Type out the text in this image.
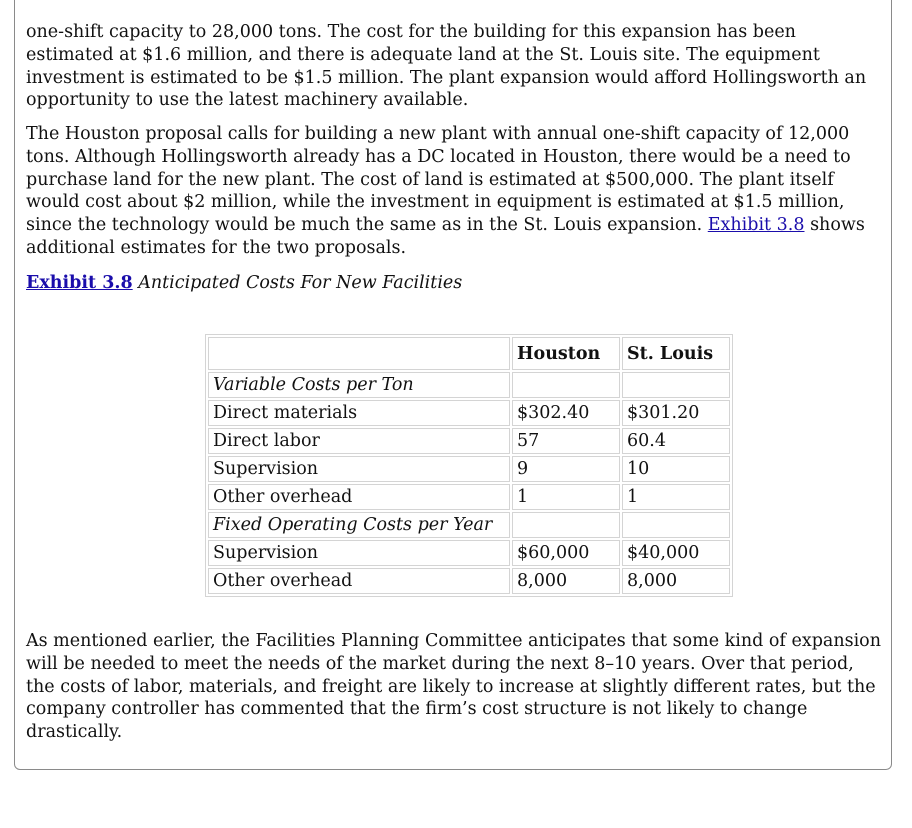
one-shift capacity to 28,000 tons. The cost for the building for this expansion has been estimated at $1.6 million, and there is adequate land at the St. Louis site. The equipment investment is estimated to be $1.5 million. The plant expansion would afford Hollingsworth an opportunity to use the latest machinery available.

The Houston proposal calls for building a new plant with annual one-shift capacity of 12,000 tons. Although Hollingsworth already has a DC located in Houston, there would be a need to purchase land for the new plant. The cost of land is estimated at $500,000. The plant itself would cost about $2 million, while the investment in equipment is estimated at $1.5 million, since the technology would be much the same as in the St. Louis expansion. Exhibit 3.8 shows additional estimates for the two proposals.

Exhibit 3.8 Anticipated Costs For New Facilities
	Houston	St. Louis
Variable Costs per Ton		
Direct materials	$302.40	$301.20
Direct labor	57	60.4
Supervision	9	10
Other overhead	1	1
Fixed Operating Costs per Year		
Supervision	$60,000	$40,000
Other overhead	8,000	8,000

As mentioned earlier, the Facilities Planning Committee anticipates that some kind of expansion will be needed to meet the needs of the market during the next 8–10 years. Over that period, the costs of labor, materials, and freight are likely to increase at slightly different rates, but the company controller has commented that the firm’s cost structure is not likely to change drastically.
